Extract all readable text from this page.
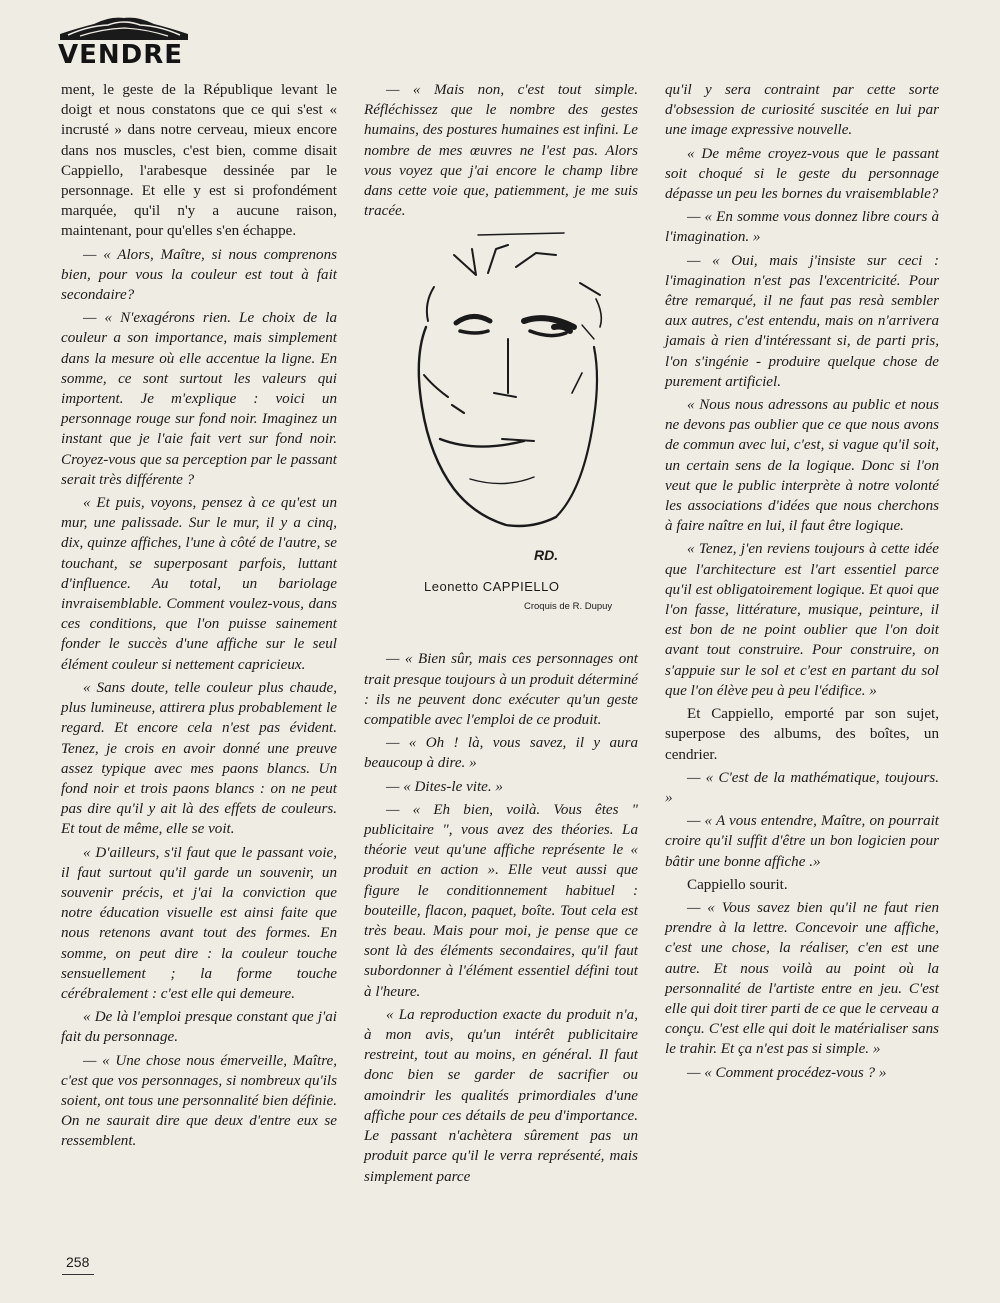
VENDRE

ment, le geste de la République levant le doigt et nous constatons que ce qui s'est « incrusté » dans notre cerveau, mieux encore dans nos muscles, c'est bien, comme disait Cappiello, l'arabesque dessinée par le personnage. Et elle y est si profondément marquée, qu'il n'y a aucune raison, maintenant, pour qu'elles s'en échappe.

— « Alors, Maître, si nous comprenons bien, pour vous la couleur est tout à fait secondaire?

— « N'exagérons rien. Le choix de la couleur a son importance, mais simplement dans la mesure où elle accentue la ligne. En somme, ce sont surtout les valeurs qui importent. Je m'explique : voici un personnage rouge sur fond noir. Imaginez un instant que je l'aie fait vert sur fond noir. Croyez-vous que sa perception par le passant serait très différente ?

« Et puis, voyons, pensez à ce qu'est un mur, une palissade. Sur le mur, il y a cinq, dix, quinze affiches, l'une à côté de l'autre, se touchant, se superposant parfois, luttant d'influence. Au total, un bariolage invraisemblable. Comment voulez-vous, dans ces conditions, que l'on puisse sainement fonder le succès d'une affiche sur le seul élément couleur si nettement capricieux.

« Sans doute, telle couleur plus chaude, plus lumineuse, attirera plus probablement le regard. Et encore cela n'est pas évident. Tenez, je crois en avoir donné une preuve assez typique avec mes paons blancs. Un fond noir et trois paons blancs : on ne peut pas dire qu'il y ait là des effets de couleurs. Et tout de même, elle se voit.

« D'ailleurs, s'il faut que le passant voie, il faut surtout qu'il garde un souvenir, un souvenir précis, et j'ai la conviction que notre éducation visuelle est ainsi faite que nous retenons avant tout des formes. En somme, on peut dire : la couleur touche sensuellement ; la forme touche cérébralement : c'est elle qui demeure.

« De là l'emploi presque constant que j'ai fait du personnage.

— « Une chose nous émerveille, Maître, c'est que vos personnages, si nombreux qu'ils soient, ont tous une personnalité bien définie. On ne saurait dire que deux d'entre eux se ressemblent.

— « Mais non, c'est tout simple. Réfléchissez que le nombre des gestes humains, des postures humaines est infini. Le nombre de mes œuvres ne l'est pas. Alors vous voyez que j'ai encore le champ libre dans cette voie que, patiemment, je me suis tracée.

RD.
Leonetto CAPPIELLO
Croquis de R. Dupuy

— « Bien sûr, mais ces personnages ont trait presque toujours à un produit déterminé : ils ne peuvent donc exécuter qu'un geste compatible avec l'emploi de ce produit.

— « Oh ! là, vous savez, il y aura beaucoup à dire. »

— « Dites-le vite. »

— « Eh bien, voilà. Vous êtes " publicitaire ", vous avez des théories. La théorie veut qu'une affiche représente le « produit en action ». Elle veut aussi que figure le conditionnement habituel : bouteille, flacon, paquet, boîte. Tout cela est très beau. Mais pour moi, je pense que ce sont là des éléments secondaires, qu'il faut subordonner à l'élément essentiel défini tout à l'heure.

« La reproduction exacte du produit n'a, à mon avis, qu'un intérêt publicitaire restreint, tout au moins, en général. Il faut donc bien se garder de sacrifier ou amoindrir les qualités primordiales d'une affiche pour ces détails de peu d'importance. Le passant n'achètera sûrement pas un produit parce qu'il le verra représenté, mais simplement parce

qu'il y sera contraint par cette sorte d'obsession de curiosité suscitée en lui par une image expressive nouvelle.

« De même croyez-vous que le passant soit choqué si le geste du personnage dépasse un peu les bornes du vraisemblable?

— « En somme vous donnez libre cours à l'imagination. »

— « Oui, mais j'insiste sur ceci : l'imagination n'est pas l'excentricité. Pour être remarqué, il ne faut pas resà sembler aux autres, c'est entendu, mais on n'arrivera jamais à rien d'intéressant si, de parti pris, l'on s'ingénie - produire quelque chose de purement artificiel.

« Nous nous adressons au public et nous ne devons pas oublier que ce que nous avons de commun avec lui, c'est, si vague qu'il soit, un certain sens de la logique. Donc si l'on veut que le public interprète à notre volonté les associations d'idées que nous cherchons à faire naître en lui, il faut être logique.

« Tenez, j'en reviens toujours à cette idée que l'architecture est l'art essentiel parce qu'il est obligatoirement logique. Et quoi que l'on fasse, littérature, musique, peinture, il est bon de ne point oublier que l'on doit avant tout construire. Pour construire, on s'appuie sur le sol et c'est en partant du sol que l'on élève peu à peu l'édifice. »

Et Cappiello, emporté par son sujet, superpose des albums, des boîtes, un cendrier.

— « C'est de la mathématique, toujours. »

— « A vous entendre, Maître, on pourrait croire qu'il suffit d'être un bon logicien pour bâtir une bonne affiche .»

Cappiello sourit.

— « Vous savez bien qu'il ne faut rien prendre à la lettre. Concevoir une affiche, c'est une chose, la réaliser, c'en est une autre. Et nous voilà au point où la personnalité de l'artiste entre en jeu. C'est elle qui doit tirer parti de ce que le cerveau a conçu. C'est elle qui doit le matérialiser sans le trahir. Et ça n'est pas si simple. »

— « Comment procédez-vous ? »

258
